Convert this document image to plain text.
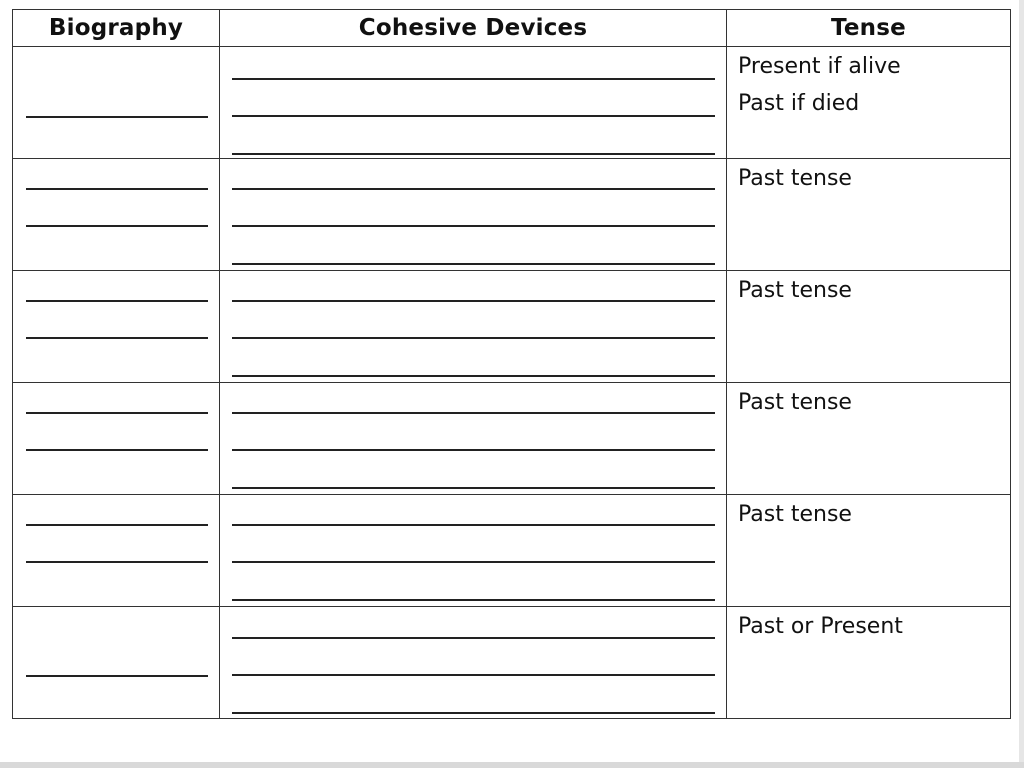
Biography	Cohesive Devices	Tense

		Present if alive
Past if died

		Past tense

		Past tense

		Past tense

		Past tense

		Past or Present
